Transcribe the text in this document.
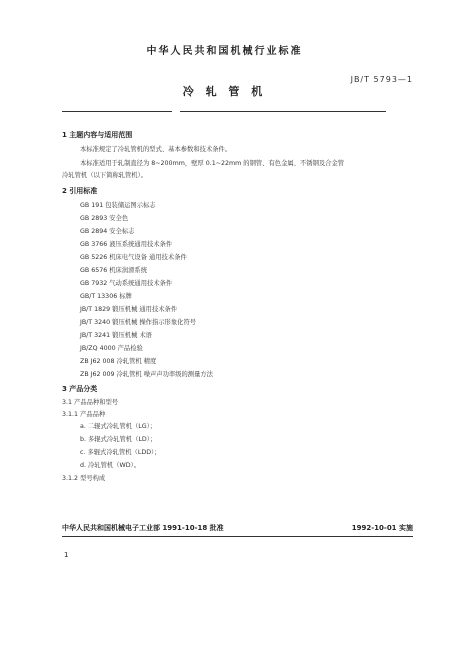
中华人民共和国机械行业标准
JB/T 5793—1
冷 轧 管 机
1 主题内容与适用范围
本标准规定了冷轧管机的型式、基本参数和技术条件。
本标准适用于轧制直径为 8~200mm，壁厚 0.1~22mm 的钢管、有色金属、不锈钢及合金管
冷轧管机（以下简称轧管机）。
2 引用标准
GB 191 包装储运图示标志
GB 2893 安全色
GB 2894 安全标志
GB 3766 液压系统通用技术条件
GB 5226 机床电气设备 通用技术条件
GB 6576 机床润滑系统
GB 7932 气动系统通用技术条件
GB/T 13306 标牌
JB/T 1829 锻压机械 通用技术条件
JB/T 3240 锻压机械 操作指示形象化符号
JB/T 3241 锻压机械 术语
JB/ZQ 4000 产品检验
ZB J62 008 冷轧管机 精度
ZB J62 009 冷轧管机 噪声声功率级的测量方法
3 产品分类
3.1 产品品种和型号
3.1.1 产品品种
a. 二辊式冷轧管机（LG）；
b. 多辊式冷轧管机（LD）；
c. 多辊式冷轧管机（LDD）；
d. 冷轧管机（WD）。
3.1.2 型号构成
中华人民共和国机械电子工业部 1991-10-18 批准	1992-10-01 实施
1
